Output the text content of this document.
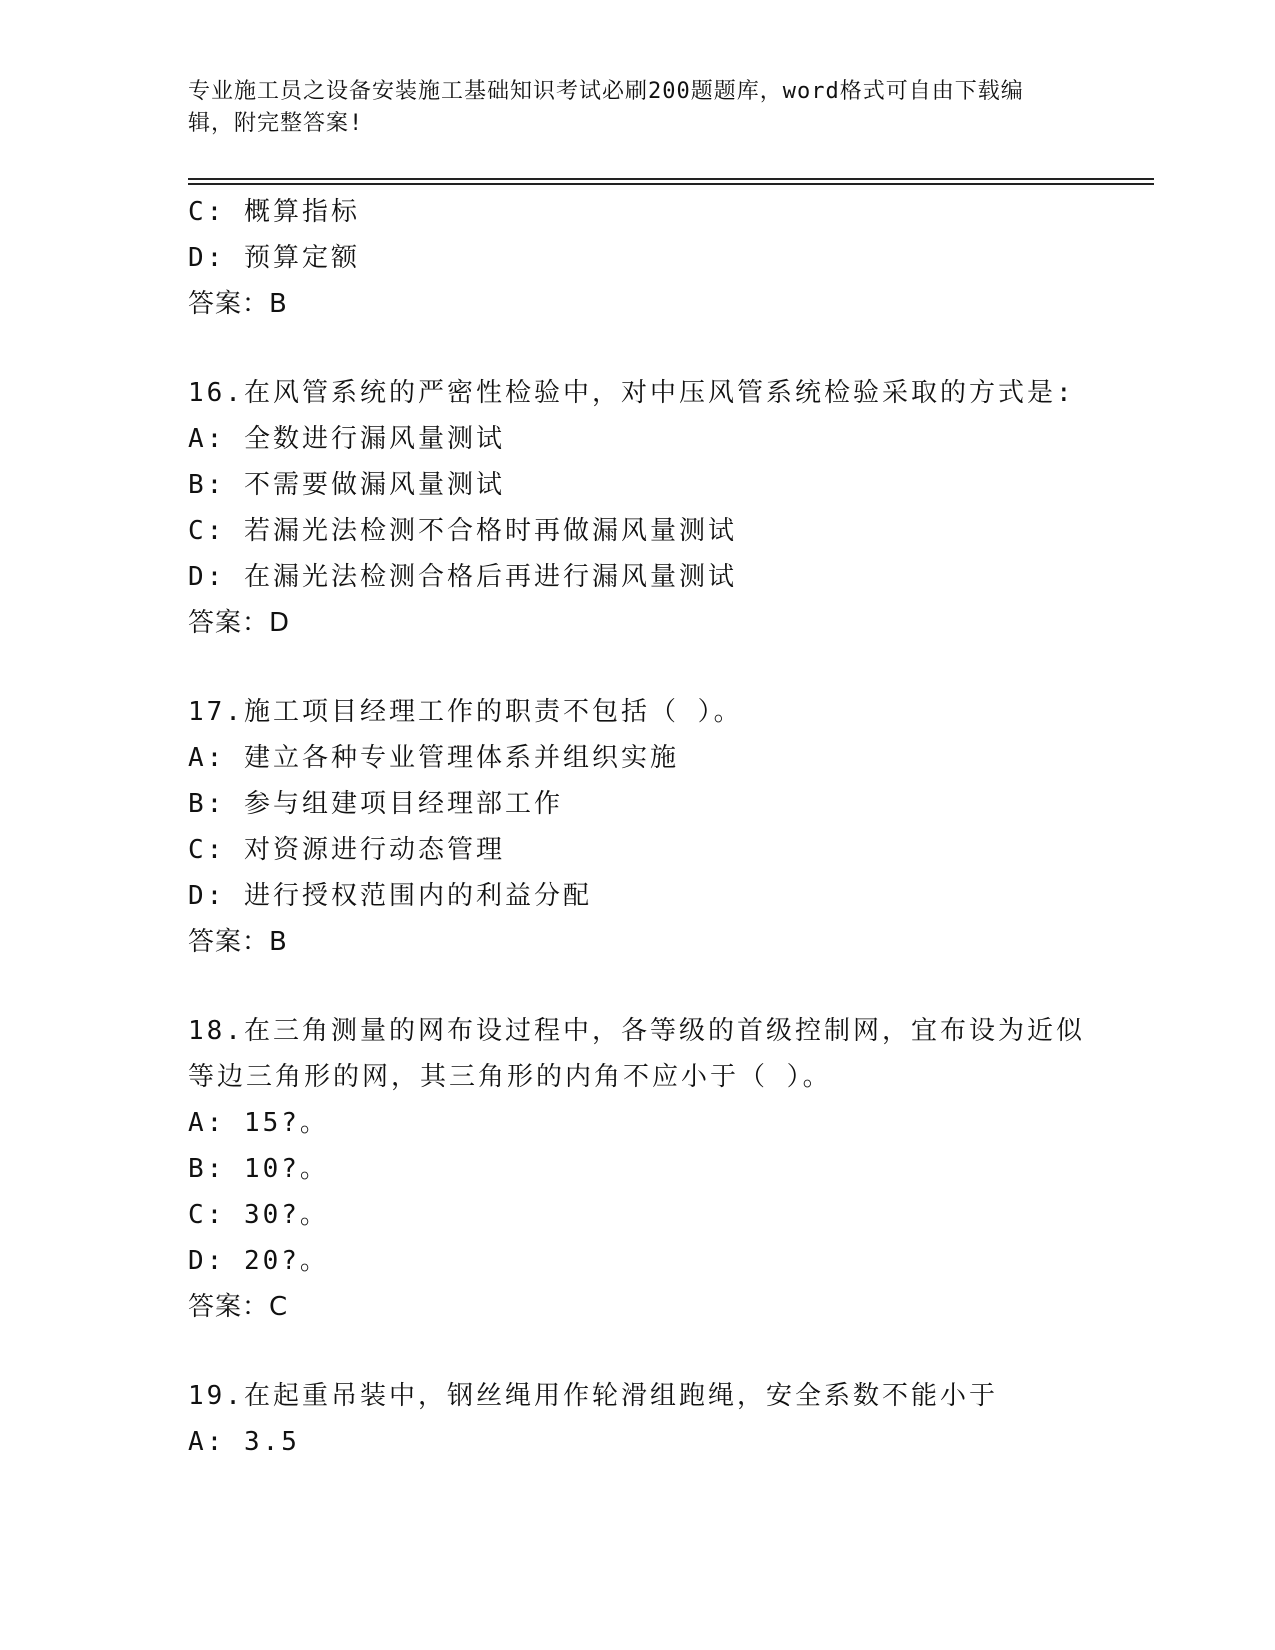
专业施工员之设备安装施工基础知识考试必刷200题题库，word格式可自由下载编辑，附完整答案!
C: 概算指标
D: 预算定额
答案：B
16.在风管系统的严密性检验中，对中压风管系统检验采取的方式是:
A: 全数进行漏风量测试
B: 不需要做漏风量测试
C: 若漏光法检测不合格时再做漏风量测试
D: 在漏光法检测合格后再进行漏风量测试
答案：D
17.施工项目经理工作的职责不包括（ ）。
A: 建立各种专业管理体系并组织实施
B: 参与组建项目经理部工作
C: 对资源进行动态管理
D: 进行授权范围内的利益分配
答案：B
18.在三角测量的网布设过程中，各等级的首级控制网，宜布设为近似等边三角形的网，其三角形的内角不应小于（ ）。
A: 15?。
B: 10?。
C: 30?。
D: 20?。
答案：C
19.在起重吊装中，钢丝绳用作轮滑组跑绳，安全系数不能小于
A: 3.5
